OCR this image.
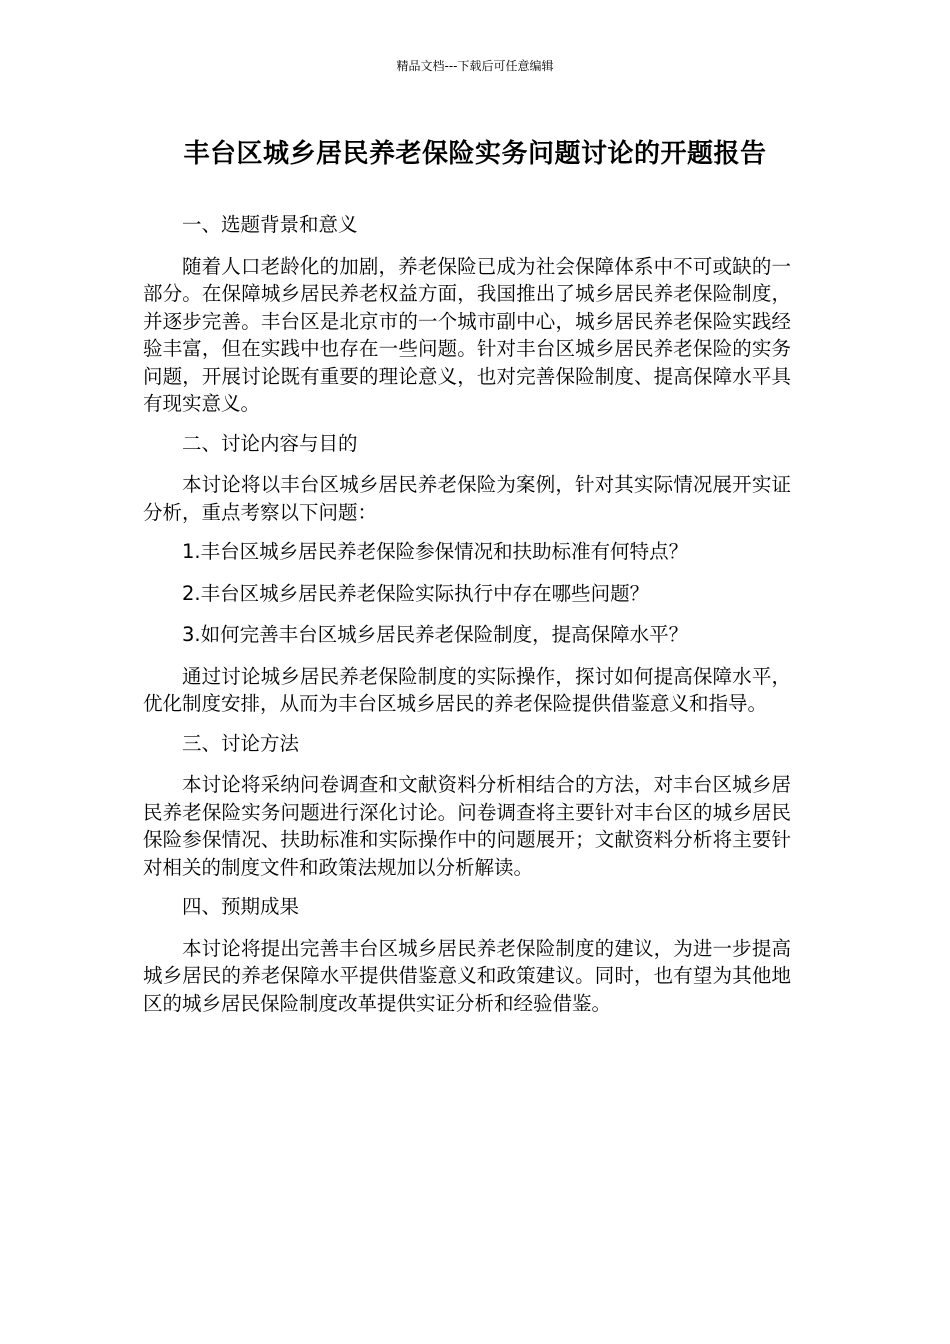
精品文档---下载后可任意编辑
丰台区城乡居民养老保险实务问题讨论的开题报告

一、选题背景和意义

随着人口老龄化的加剧，养老保险已成为社会保障体系中不可或缺的一部分。在保障城乡居民养老权益方面，我国推出了城乡居民养老保险制度，并逐步完善。丰台区是北京市的一个城市副中心，城乡居民养老保险实践经验丰富，但在实践中也存在一些问题。针对丰台区城乡居民养老保险的实务问题，开展讨论既有重要的理论意义，也对完善保险制度、提高保障水平具有现实意义。

二、讨论内容与目的

本讨论将以丰台区城乡居民养老保险为案例，针对其实际情况展开实证分析，重点考察以下问题：

1.丰台区城乡居民养老保险参保情况和扶助标准有何特点？

2.丰台区城乡居民养老保险实际执行中存在哪些问题？

3.如何完善丰台区城乡居民养老保险制度，提高保障水平？

通过讨论城乡居民养老保险制度的实际操作，探讨如何提高保障水平，优化制度安排，从而为丰台区城乡居民的养老保险提供借鉴意义和指导。

三、讨论方法

本讨论将采纳问卷调查和文献资料分析相结合的方法，对丰台区城乡居民养老保险实务问题进行深化讨论。问卷调查将主要针对丰台区的城乡居民保险参保情况、扶助标准和实际操作中的问题展开；文献资料分析将主要针对相关的制度文件和政策法规加以分析解读。

四、预期成果

本讨论将提出完善丰台区城乡居民养老保险制度的建议，为进一步提高城乡居民的养老保障水平提供借鉴意义和政策建议。同时，也有望为其他地区的城乡居民保险制度改革提供实证分析和经验借鉴。
